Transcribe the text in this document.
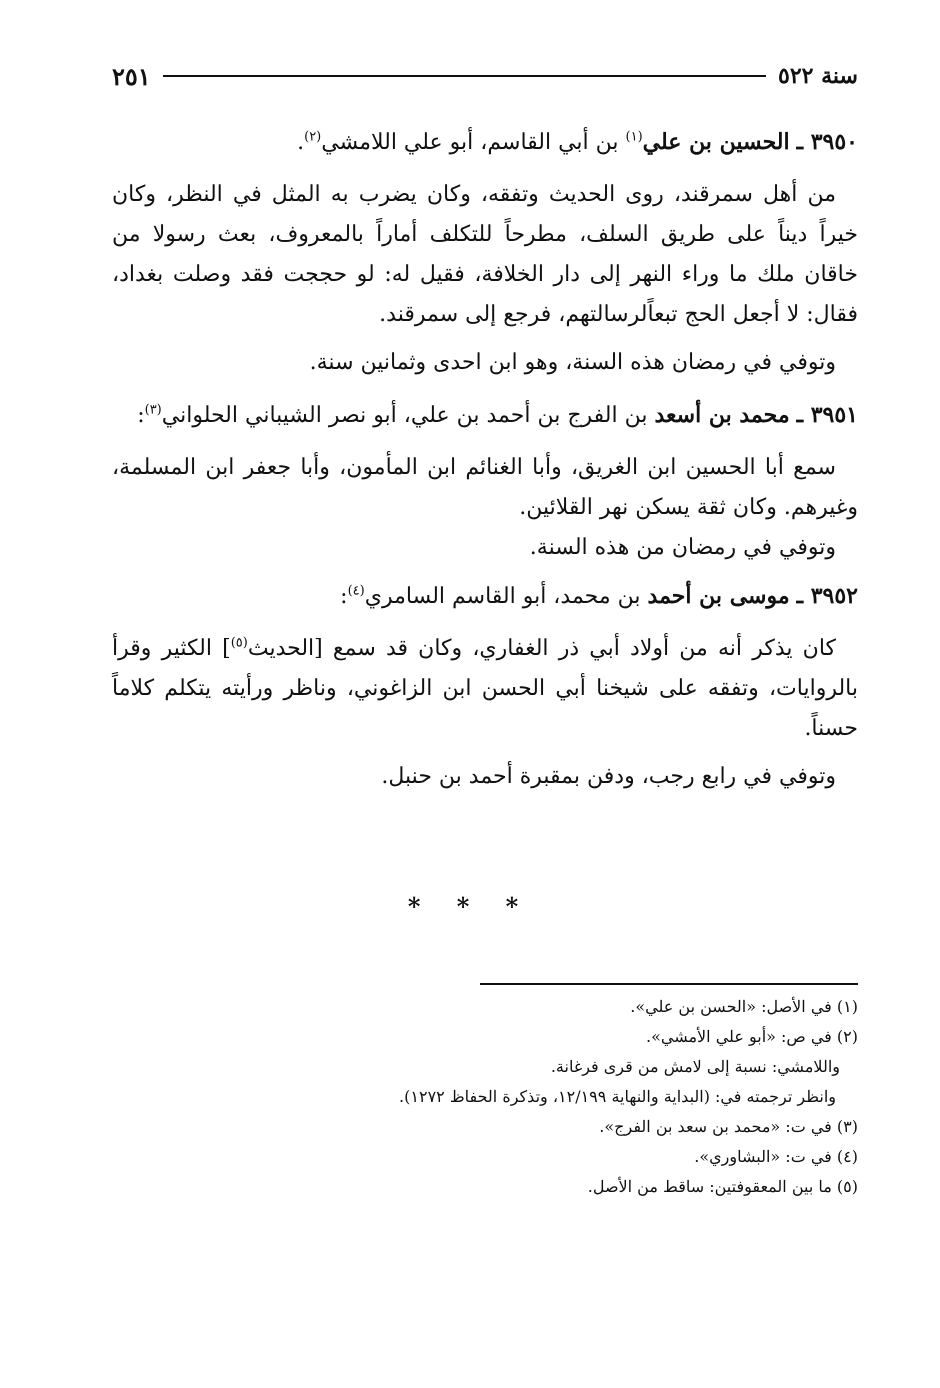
سنة ٥٢٢
٢٥١

٣٩٥٠ ـ الحسين بن علي$^{(١)}$ بن أبي القاسم، أبو علي اللامشي$^{(٢)}$.

من أهل سمرقند، روى الحديث وتفقه، وكان يضرب به المثل في النظر، وكان خيراً ديناً على طريق السلف، مطرحاً للتكلف أماراً بالمعروف، بعث رسولا من خاقان ملك ما وراء النهر إلى دار الخلافة، فقيل له: لو حججت فقد وصلت بغداد، فقال: لا أجعل الحج تبعاًلرسالتهم، فرجع إلى سمرقند.

وتوفي في رمضان هذه السنة، وهو ابن احدى وثمانين سنة.

٣٩٥١ ـ محمد بن أسعد بن الفرج بن أحمد بن علي، أبو نصر الشيباني الحلواني$^{(٣)}$:

سمع أبا الحسين ابن الغريق، وأبا الغنائم ابن المأمون، وأبا جعفر ابن المسلمة، وغيرهم. وكان ثقة يسكن نهر القلائين.

وتوفي في رمضان من هذه السنة.

٣٩٥٢ ـ موسى بن أحمد بن محمد، أبو القاسم السامري$^{(٤)}$:

كان يذكر أنه من أولاد أبي ذر الغفاري، وكان قد سمع [الحديث$^{(٥)}$] الكثير وقرأ بالروايات، وتفقه على شيخنا أبي الحسن ابن الزاغوني، وناظر ورأيته يتكلم كلاماً حسناً.

وتوفي في رابع رجب، ودفن بمقبرة أحمد بن حنبل.

* * *

(١) في الأصل: «الحسن بن علي».

(٢) في ص: «أبو علي الأمشي».

واللامشي: نسبة إلى لامش من قرى فرغانة.

وانظر ترجمته في: (البداية والنهاية ١٢/١٩٩، وتذكرة الحفاظ ١٢٧٢).

(٣) في ت: «محمد بن سعد بن الفرج».

(٤) في ت: «البشاوري».

(٥) ما بين المعقوفتين: ساقط من الأصل.
